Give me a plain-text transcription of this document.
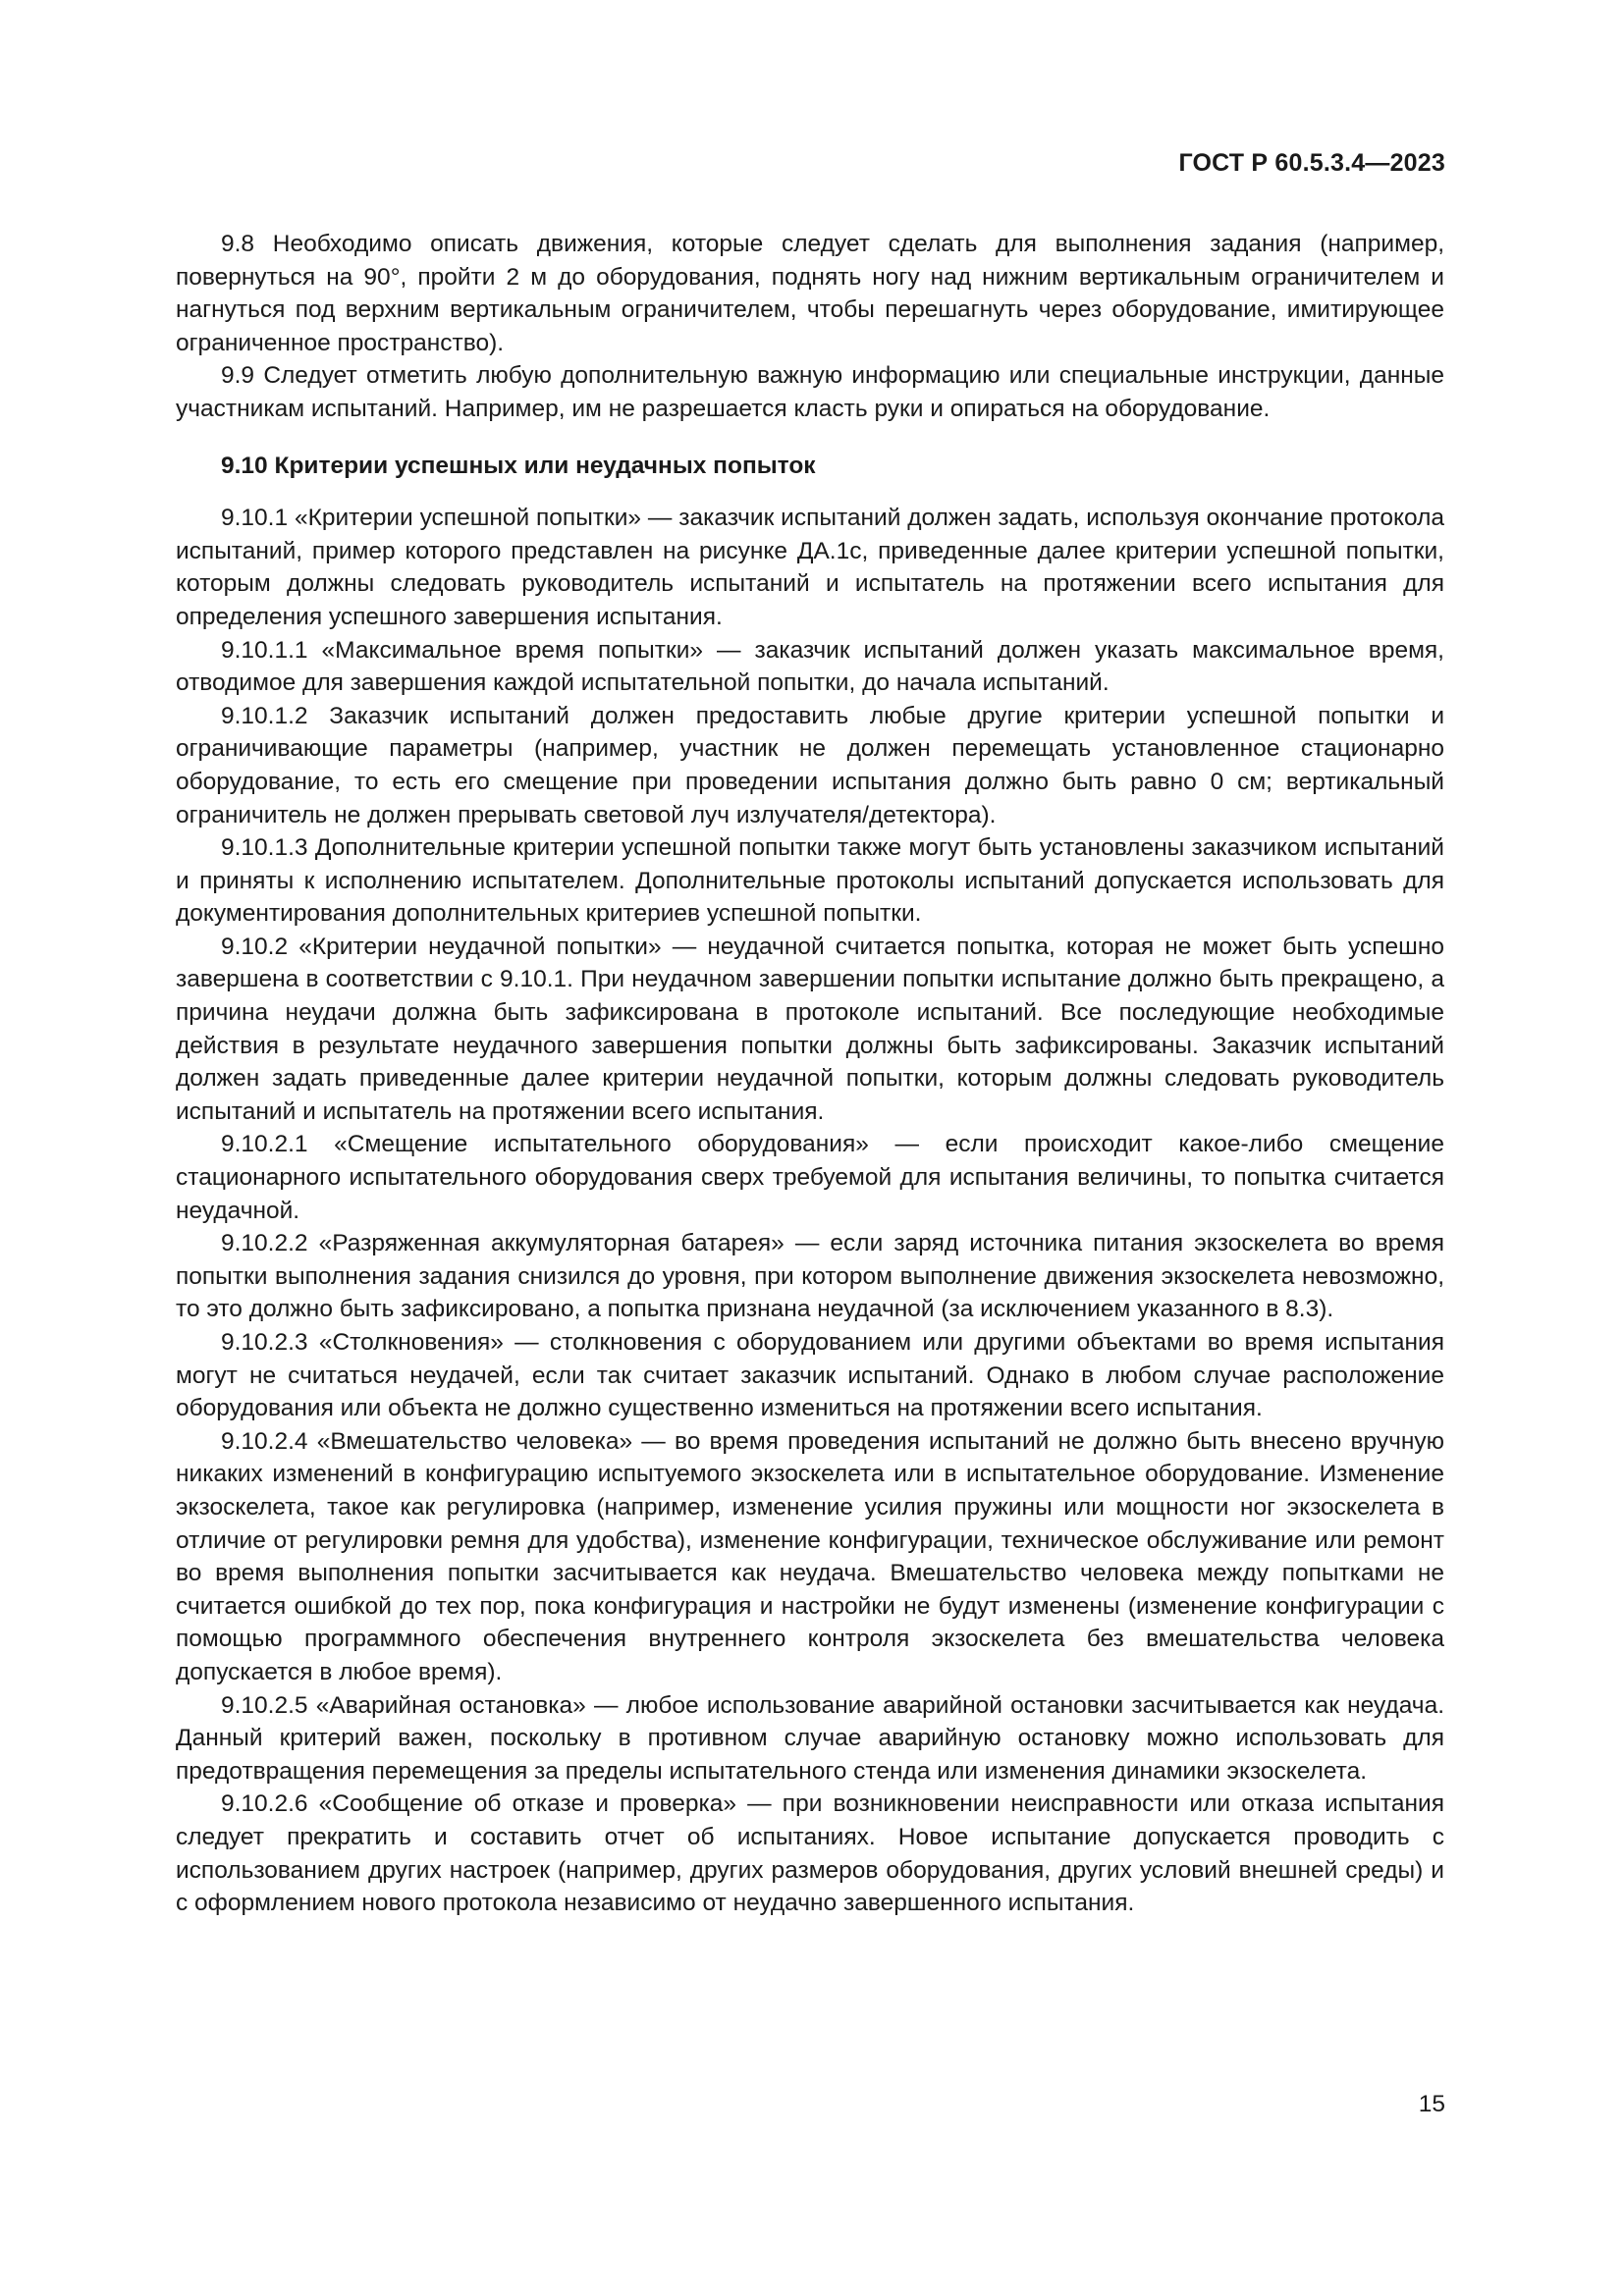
ГОСТ Р 60.5.3.4—2023

9.8 Необходимо описать движения, которые следует сделать для выполнения задания (например, повернуться на 90°, пройти 2 м до оборудования, поднять ногу над нижним вертикальным ограничителем и нагнуться под верхним вертикальным ограничителем, чтобы перешагнуть через оборудование, имитирующее ограниченное пространство).

9.9 Следует отметить любую дополнительную важную информацию или специальные инструкции, данные участникам испытаний. Например, им не разрешается класть руки и опираться на оборудование.

9.10 Критерии успешных или неудачных попыток

9.10.1 «Критерии успешной попытки» — заказчик испытаний должен задать, используя окончание протокола испытаний, пример которого представлен на рисунке ДА.1с, приведенные далее критерии успешной попытки, которым должны следовать руководитель испытаний и испытатель на протяжении всего испытания для определения успешного завершения испытания.

9.10.1.1 «Максимальное время попытки» — заказчик испытаний должен указать максимальное время, отводимое для завершения каждой испытательной попытки, до начала испытаний.

9.10.1.2 Заказчик испытаний должен предоставить любые другие критерии успешной попытки и ограничивающие параметры (например, участник не должен перемещать установленное стационарно оборудование, то есть его смещение при проведении испытания должно быть равно 0 см; вертикальный ограничитель не должен прерывать световой луч излучателя/детектора).

9.10.1.3 Дополнительные критерии успешной попытки также могут быть установлены заказчиком испытаний и приняты к исполнению испытателем. Дополнительные протоколы испытаний допускается использовать для документирования дополнительных критериев успешной попытки.

9.10.2 «Критерии неудачной попытки» — неудачной считается попытка, которая не может быть успешно завершена в соответствии с 9.10.1. При неудачном завершении попытки испытание должно быть прекращено, а причина неудачи должна быть зафиксирована в протоколе испытаний. Все последующие необходимые действия в результате неудачного завершения попытки должны быть зафиксированы. Заказчик испытаний должен задать приведенные далее критерии неудачной попытки, которым должны следовать руководитель испытаний и испытатель на протяжении всего испытания.

9.10.2.1 «Смещение испытательного оборудования» — если происходит какое-либо смещение стационарного испытательного оборудования сверх требуемой для испытания величины, то попытка считается неудачной.

9.10.2.2 «Разряженная аккумуляторная батарея» — если заряд источника питания экзоскелета во время попытки выполнения задания снизился до уровня, при котором выполнение движения экзоскелета невозможно, то это должно быть зафиксировано, а попытка признана неудачной (за исключением указанного в 8.3).

9.10.2.3 «Столкновения» — столкновения с оборудованием или другими объектами во время испытания могут не считаться неудачей, если так считает заказчик испытаний. Однако в любом случае расположение оборудования или объекта не должно существенно измениться на протяжении всего испытания.

9.10.2.4 «Вмешательство человека» — во время проведения испытаний не должно быть внесено вручную никаких изменений в конфигурацию испытуемого экзоскелета или в испытательное оборудование. Изменение экзоскелета, такое как регулировка (например, изменение усилия пружины или мощности ног экзоскелета в отличие от регулировки ремня для удобства), изменение конфигурации, техническое обслуживание или ремонт во время выполнения попытки засчитывается как неудача. Вмешательство человека между попытками не считается ошибкой до тех пор, пока конфигурация и настройки не будут изменены (изменение конфигурации с помощью программного обеспечения внутреннего контроля экзоскелета без вмешательства человека допускается в любое время).

9.10.2.5 «Аварийная остановка» — любое использование аварийной остановки засчитывается как неудача. Данный критерий важен, поскольку в противном случае аварийную остановку можно использовать для предотвращения перемещения за пределы испытательного стенда или изменения динамики экзоскелета.

9.10.2.6 «Сообщение об отказе и проверка» — при возникновении неисправности или отказа испытания следует прекратить и составить отчет об испытаниях. Новое испытание допускается проводить с использованием других настроек (например, других размеров оборудования, других условий внешней среды) и с оформлением нового протокола независимо от неудачно завершенного испытания.

15
